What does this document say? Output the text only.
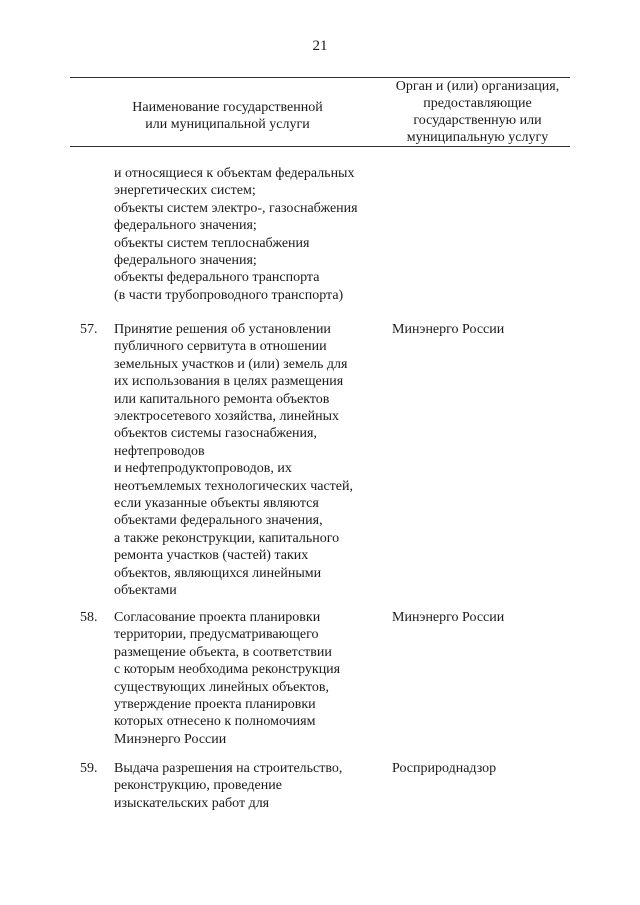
21
Наименование государственной
или муниципальной услуги
Орган и (или) организация,
предоставляющие
государственную или
муниципальную услугу
и относящиеся к объектам федеральных
энергетических систем;
объекты систем электро-, газоснабжения
федерального значения;
объекты систем теплоснабжения
федерального значения;
объекты федерального транспорта
(в части трубопроводного транспорта)
57. Принятие решения об установлении
публичного сервитута в отношении
земельных участков и (или) земель для
их использования в целях размещения
или капитального ремонта объектов
электросетевого хозяйства, линейных
объектов системы газоснабжения,
нефтепроводов
и нефтепродуктопроводов, их
неотъемлемых технологических частей,
если указанные объекты являются
объектами федерального значения,
а также реконструкции, капитального
ремонта участков (частей) таких
объектов, являющихся линейными
объектами
Минэнерго России
58. Согласование проекта планировки
территории, предусматривающего
размещение объекта, в соответствии
с которым необходима реконструкция
существующих линейных объектов,
утверждение проекта планировки
которых отнесено к полномочиям
Минэнерго России
Минэнерго России
59. Выдача разрешения на строительство,
реконструкцию, проведение
изыскательских работ для
Росприроднадзор
